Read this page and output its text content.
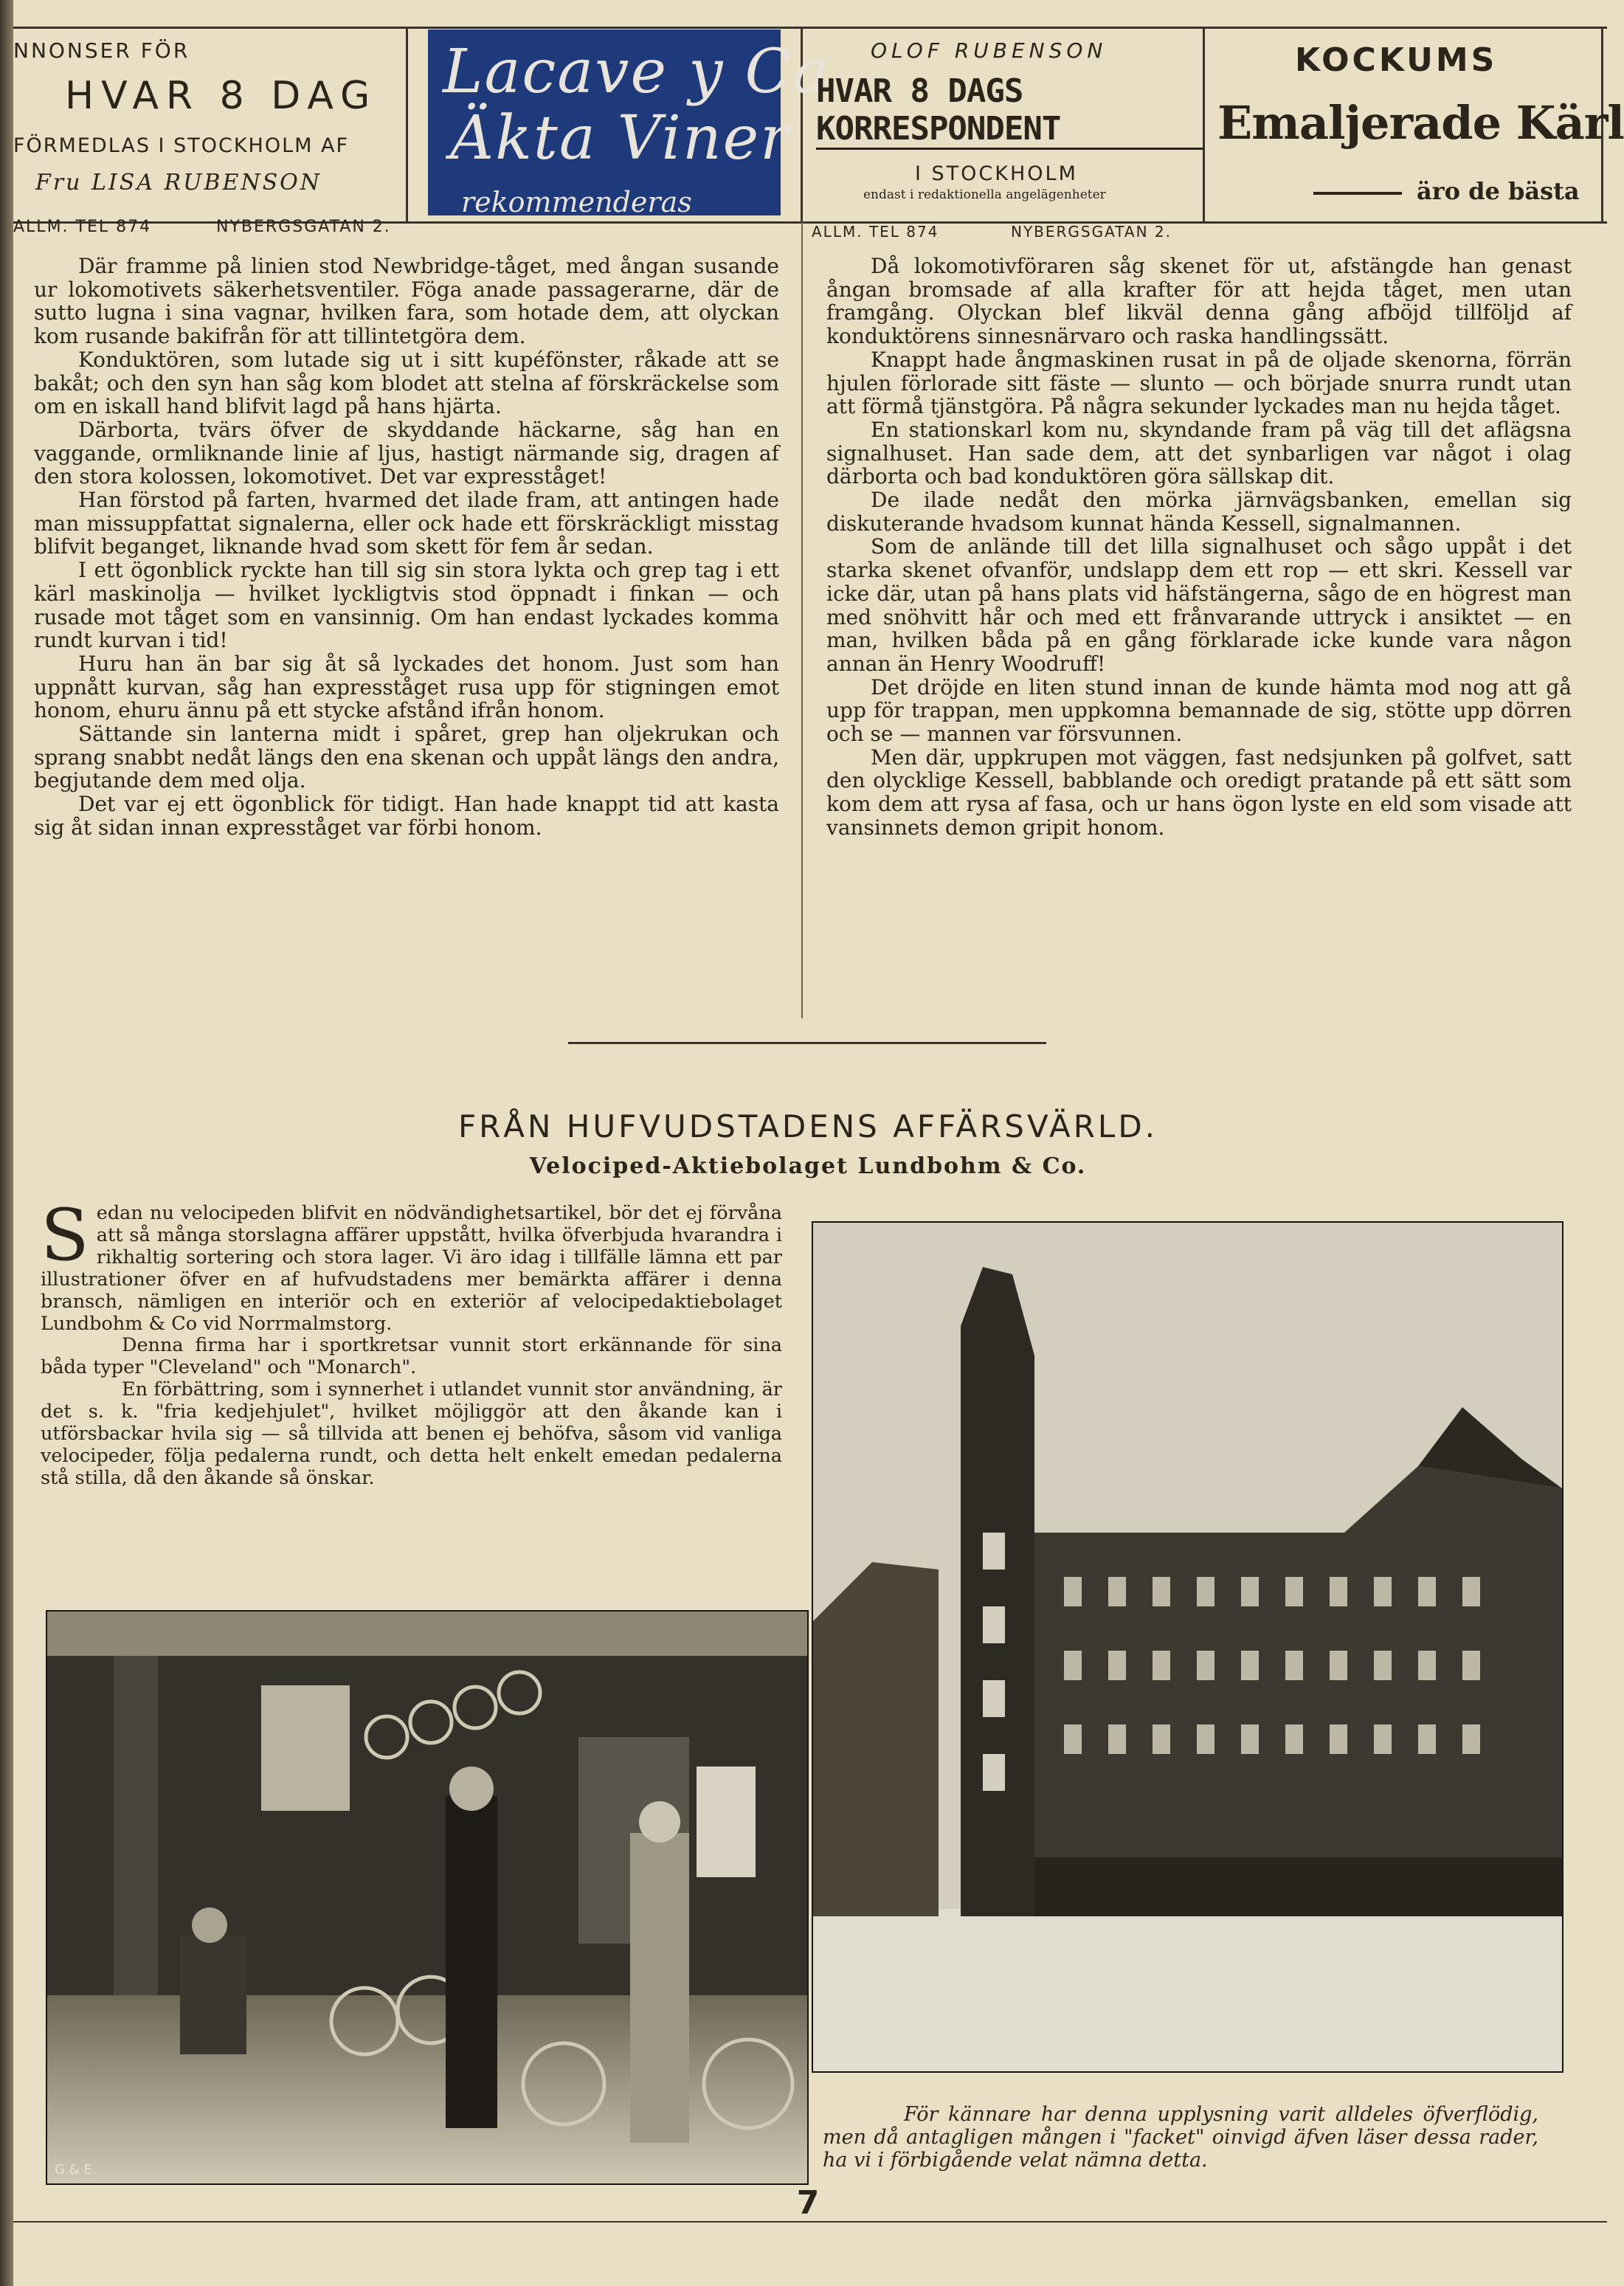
NNONSER FÖR
HVAR 8 DAG
FÖRMEDLAS I STOCKHOLM AF
Fru LISA RUBENSON
ALLM. TEL 874	NYBERGSGATAN 2.
Lacave y Ca
Äkta Viner
rekommenderas
OLOF RUBENSON
HVAR 8 DAGS KORRESPONDENT
I STOCKHOLM
endast i redaktionella angelägenheter
ALLM. TEL 874	NYBERGSGATAN 2.
KOCKUMS
Emaljerade Kärl
äro de bästa

Där framme på linien stod Newbridge-tåget, med ångan susande ur lokomotivets säkerhetsventiler. Föga anade passagerarne, där de sutto lugna i sina vagnar, hvilken fara, som hotade dem, att olyckan kom rusande bakifrån för att tillintetgöra dem.

Konduktören, som lutade sig ut i sitt kupéfönster, råkade att se bakåt; och den syn han såg kom blodet att stelna af förskräckelse som om en iskall hand blifvit lagd på hans hjärta.

Därborta, tvärs öfver de skyddande häckarne, såg han en vaggande, ormliknande linie af ljus, hastigt närmande sig, dragen af den stora kolossen, lokomotivet. Det var expresståget!

Han förstod på farten, hvarmed det ilade fram, att antingen hade man missuppfattat signalerna, eller ock hade ett förskräckligt misstag blifvit beganget, liknande hvad som skett för fem år sedan.

I ett ögonblick ryckte han till sig sin stora lykta och grep tag i ett kärl maskinolja — hvilket lyckligtvis stod öppnadt i finkan — och rusade mot tåget som en vansinnig. Om han endast lyckades komma rundt kurvan i tid!

Huru han än bar sig åt så lyckades det honom. Just som han uppnått kurvan, såg han expresståget rusa upp för stigningen emot honom, ehuru ännu på ett stycke afstånd ifrån honom.

Sättande sin lanterna midt i spåret, grep han oljekrukan och sprang snabbt nedåt längs den ena skenan och uppåt längs den andra, begjutande dem med olja.

Det var ej ett ögonblick för tidigt. Han hade knappt tid att kasta sig åt sidan innan expresståget var förbi honom.

Då lokomotivföraren såg skenet för ut, afstängde han genast ångan bromsade af alla krafter för att hejda tåget, men utan framgång. Olyckan blef likväl denna gång afböjd tillföljd af konduktörens sinnesnärvaro och raska handlingssätt.

Knappt hade ångmaskinen rusat in på de oljade skenorna, förrän hjulen förlorade sitt fäste — slunto — och började snurra rundt utan att förmå tjänstgöra. På några sekunder lyckades man nu hejda tåget.

En stationskarl kom nu, skyndande fram på väg till det aflägsna signalhuset. Han sade dem, att det synbarligen var något i olag därborta och bad konduktören göra sällskap dit.

De ilade nedåt den mörka järnvägsbanken, emellan sig diskuterande hvadsom kunnat hända Kessell, signalmannen.

Som de anlände till det lilla signalhuset och sågo uppåt i det starka skenet ofvanför, undslapp dem ett rop — ett skri. Kessell var icke där, utan på hans plats vid häfstängerna, sågo de en högrest man med snöhvitt hår och med ett frånvarande uttryck i ansiktet — en man, hvilken båda på en gång förklarade icke kunde vara någon annan än Henry Woodruff!

Det dröjde en liten stund innan de kunde hämta mod nog att gå upp för trappan, men uppkomna bemannade de sig, stötte upp dörren och se — mannen var försvunnen.

Men där, uppkrupen mot väggen, fast nedsjunken på golfvet, satt den olycklige Kessell, babblande och oredigt pratande på ett sätt som kom dem att rysa af fasa, och ur hans ögon lyste en eld som visade att vansinnets demon gripit honom.

FRÅN HUFVUDSTADENS AFFÄRSVÄRLD.
Velociped-Aktiebolaget Lundbohm & Co.

Sedan nu velocipeden blifvit en nödvändighetsartikel, bör det ej förvåna att så många storslagna affärer uppstått, hvilka öfverbjuda hvarandra i rikhaltig sortering och stora lager. Vi äro idag i tillfälle lämna ett par illustrationer öfver en af hufvudstadens mer bemärkta affärer i denna bransch, nämligen en interiör och en exteriör af velocipedaktiebolaget Lundbohm & Co vid Norrmalmstorg.

Denna firma har i sportkretsar vunnit stort erkännande för sina båda typer "Cleveland" och "Monarch".

En förbättring, som i synnerhet i utlandet vunnit stor användning, är det s. k. "fria kedjehjulet", hvilket möjliggör att den åkande kan i utförsbackar hvila sig — så tillvida att benen ej behöfva, såsom vid vanliga velocipeder, följa pedalerna rundt, och detta helt enkelt emedan pedalerna stå stilla, då den åkande så önskar.

G & E.

För kännare har denna upplysning varit alldeles öfverflödig, men då antagligen mången i "facket" oinvigd äfven läser dessa rader, ha vi i förbigående velat nämna detta.

7
